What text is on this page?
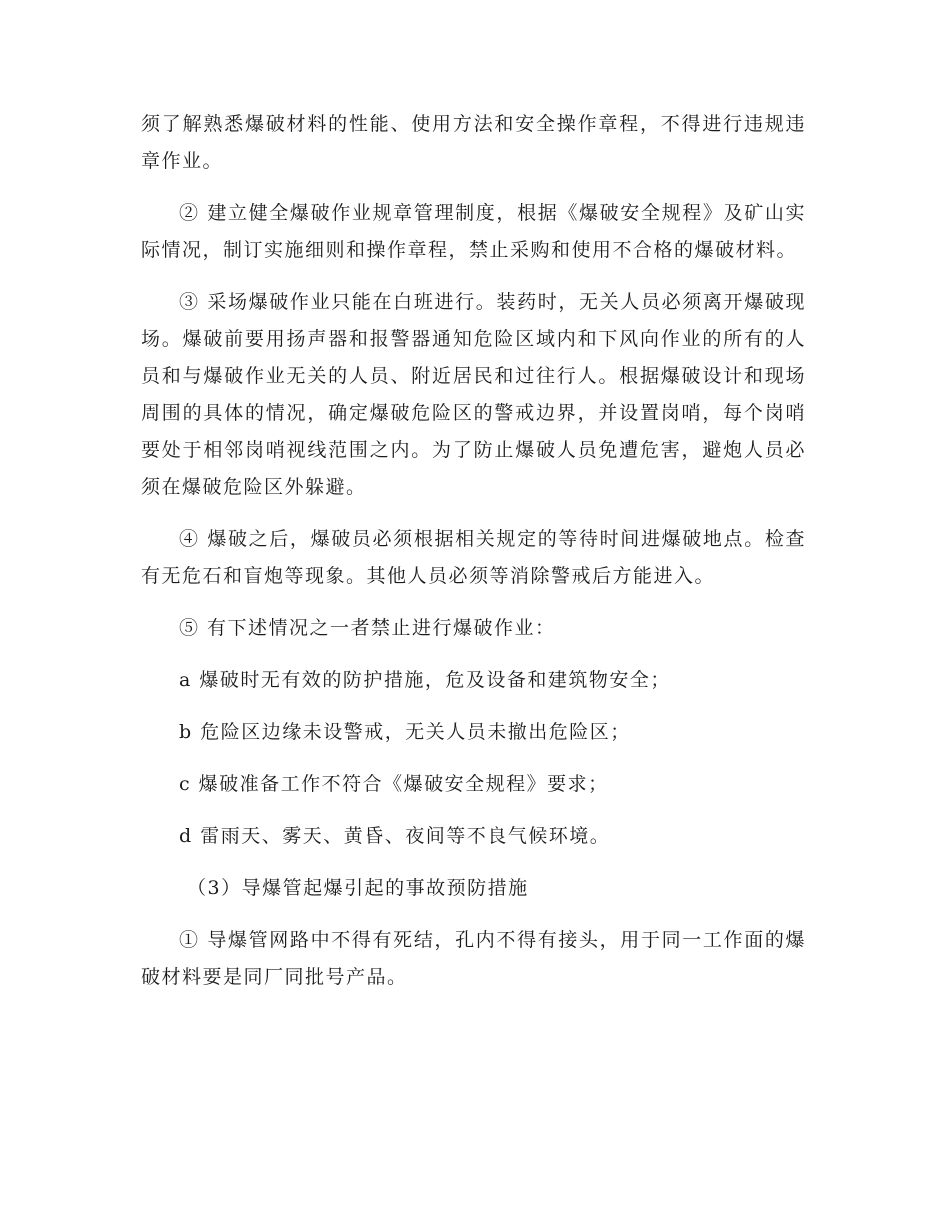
须了解熟悉爆破材料的性能、使用方法和安全操作章程，不得进行违规违章作业。

② 建立健全爆破作业规章管理制度，根据《爆破安全规程》及矿山实际情况，制订实施细则和操作章程，禁止采购和使用不合格的爆破材料。

③ 采场爆破作业只能在白班进行。装药时，无关人员必须离开爆破现场。爆破前要用扬声器和报警器通知危险区域内和下风向作业的所有的人员和与爆破作业无关的人员、附近居民和过往行人。根据爆破设计和现场周围的具体的情况，确定爆破危险区的警戒边界，并设置岗哨，每个岗哨要处于相邻岗哨视线范围之内。为了防止爆破人员免遭危害，避炮人员必须在爆破危险区外躲避。

④ 爆破之后，爆破员必须根据相关规定的等待时间进爆破地点。检查有无危石和盲炮等现象。其他人员必须等消除警戒后方能进入。

⑤ 有下述情况之一者禁止进行爆破作业：

a 爆破时无有效的防护措施，危及设备和建筑物安全；

b 危险区边缘未设警戒，无关人员未撤出危险区；

c 爆破准备工作不符合《爆破安全规程》要求；

d 雷雨天、雾天、黄昏、夜间等不良气候环境。

（3）导爆管起爆引起的事故预防措施

① 导爆管网路中不得有死结，孔内不得有接头，用于同一工作面的爆破材料要是同厂同批号产品。
